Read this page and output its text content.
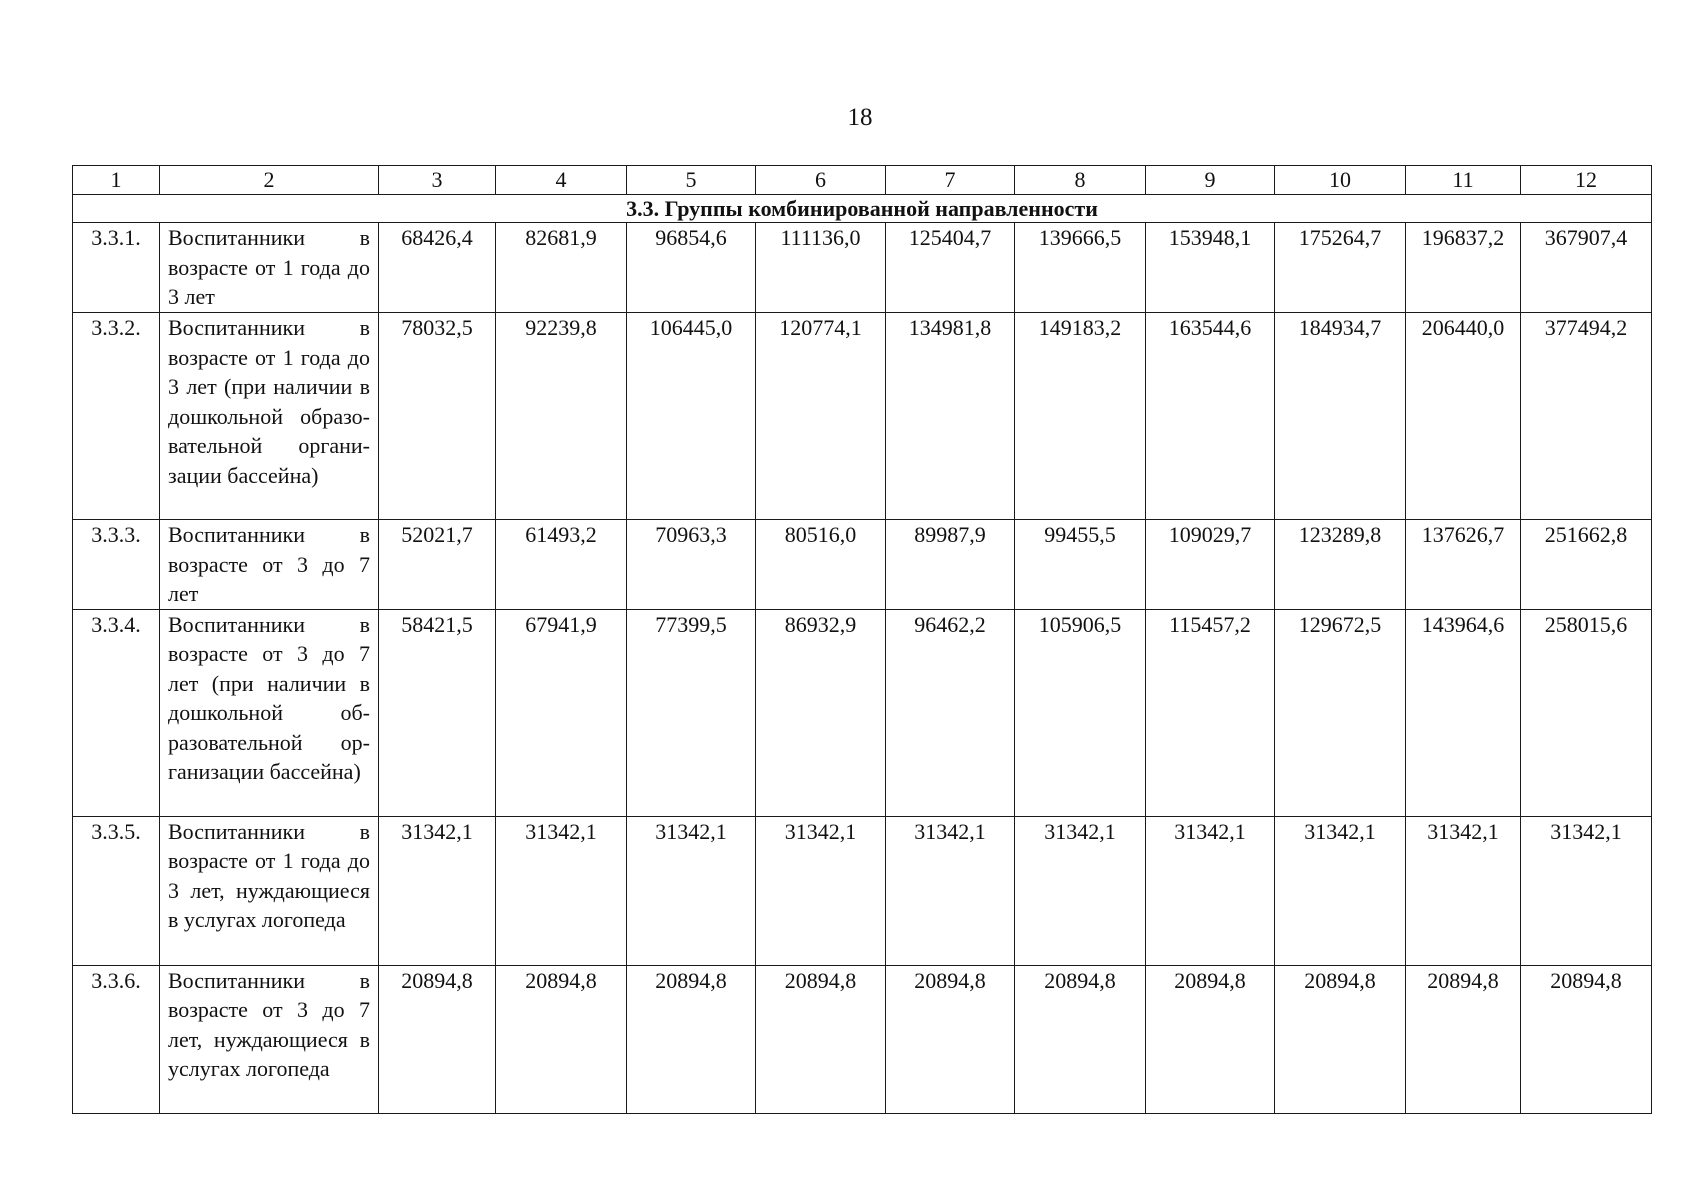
18
1	2	3	4	5	6	7	8	9	10	11	12
3.3. Группы комбинированной направленности											
3.3.1.	Воспитанники в возрасте от 1 года до 3 лет	68426,4	82681,9	96854,6	111136,0	125404,7	139666,5	153948,1	175264,7	196837,2	367907,4
3.3.2.	Воспитанники в возрасте от 1 года до 3 лет (при наличии в дошкольной образовательной организации бассейна)	78032,5	92239,8	106445,0	120774,1	134981,8	149183,2	163544,6	184934,7	206440,0	377494,2
3.3.3.	Воспитанники в возрасте от 3 до 7 лет	52021,7	61493,2	70963,3	80516,0	89987,9	99455,5	109029,7	123289,8	137626,7	251662,8
3.3.4.	Воспитанники в возрасте от 3 до 7 лет (при наличии в дошкольной образовательной организации бассейна)	58421,5	67941,9	77399,5	86932,9	96462,2	105906,5	115457,2	129672,5	143964,6	258015,6
3.3.5.	Воспитанники в возрасте от 1 года до 3 лет, нуждающиеся в услугах логопеда	31342,1	31342,1	31342,1	31342,1	31342,1	31342,1	31342,1	31342,1	31342,1	31342,1
3.3.6.	Воспитанники в возрасте от 3 до 7 лет, нуждающиеся в услугах логопеда	20894,8	20894,8	20894,8	20894,8	20894,8	20894,8	20894,8	20894,8	20894,8	20894,8
